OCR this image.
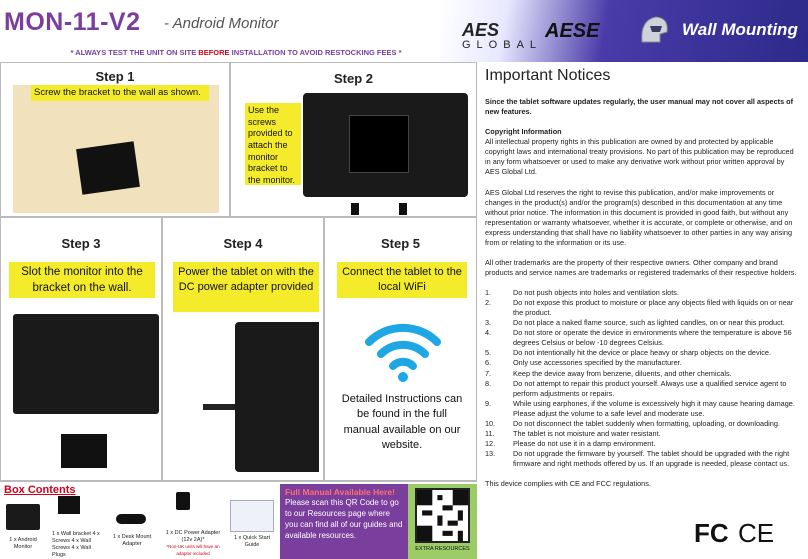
MON-11-V2 - Android Monitor
* ALWAYS TEST THE UNIT ON SITE BEFORE INSTALLATION TO AVOID RESTOCKING FEES *
AES
GLOBAL
AESE	Wall Mounting
Step 1
Screw the bracket to the wall as shown.
Step 2
Use the screws provided to attach the monitor bracket to the monitor.
Step 3
Slot the monitor into the bracket on the wall.
Step 4
Power the tablet on with the DC power adapter provided
Step 5
Connect the tablet to the local WiFi
Detailed Instructions can be found in the full manual available on our website.
Important Notices

Since the tablet software updates regularly, the user manual may not cover all aspects of new features.

Copyright Information

All intellectual property rights in this publication are owned by and protected by applicable copyright laws and international treaty provisions. No part of this publication may be reproduced in any form whatsoever or used to make any derivative work without prior written approval by AES Global Ltd.

AES Global Ltd reserves the right to revise this publication, and/or make improvements or changes in the product(s) and/or the program(s) described in this documentation at any time without prior notice. The information in this document is provided in good faith, but without any representation or warranty whatsoever, whether it is accurate, or complete or otherwise, and on express understanding that shall have no liability whatsoever to other parties in any way arising from or relating to the information or its use.

All other trademarks are the property of their respective owners. Other company and brand products and service names are trademarks or registered trademarks of their respective holders.

1.	Do not push objects into holes and ventilation slots.
2.	Do not expose this product to moisture or place any objects filed with liquids on or near the product.
3.	Do not place a naked flame source, such as lighted candles, on or near this product.
4.	Do not store or operate the device in environments where the temperature is above 56 degrees Celsius or below -10 degrees Celsius.
5.	Do not intentionally hit the device or place heavy or sharp objects on the device.
6.	Only use accessories specified by the manufacturer.
7.	Keep the device away from benzene, diluents, and other chemicals.
8.	Do not attempt to repair this product yourself. Always use a qualified service agent to perform adjustments or repairs.
9.	While using earphones, if the volume is excessively high it may cause hearing damage. Please adjust the volume to a safe level and moderate use.
10.	Do not disconnect the tablet suddenly when formatting, uploading, or downloading.
11.	The tablet is not moisture and water resistant.
12.	Please do not use it in a damp environment.
13.	Do not upgrade the firmware by yourself. The tablet should be upgraded with the right firmware and right methods offered by us. If an upgrade is needed, please contact us.

This device complies with CE and FCC regulations.

FC CE
Box Contents
1 x Android Monitor
1 x Wall bracket 4 x Screws 4 x Wall Screws 4 x Wall Plugs
1 x Desk Mount Adapter
1 x DC Power Adapter (12v 2A)*
*Non-UK units will have an adapter included
1 x Quick Start Guide
Full Manual Available Here!
Please scan this QR Code to go to our Resources page where you can find all of our guides and available resources.
EXTRA RESOURCES
